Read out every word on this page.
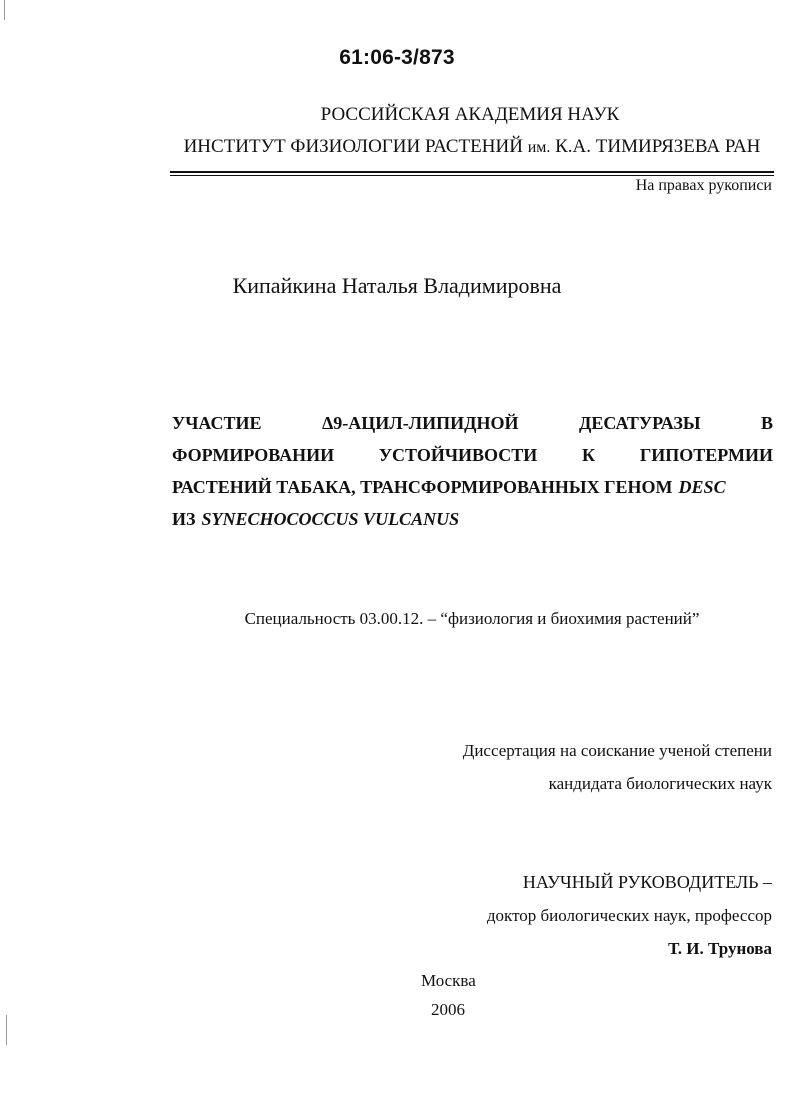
61:06-3/873
РОССИЙСКАЯ АКАДЕМИЯ НАУК
ИНСТИТУТ ФИЗИОЛОГИИ РАСТЕНИЙ им. К.А. ТИМИРЯЗЕВА РАН
На правах рукописи
Кипайкина Наталья Владимировна
УЧАСТИЕ	Δ9-АЦИЛ-ЛИПИДНОЙ	ДЕСАТУРАЗЫ	В
ФОРМИРОВАНИИ УСТОЙЧИВОСТИ К ГИПОТЕРМИИ
РАСТЕНИЙ ТАБАКА, ТРАНСФОРМИРОВАННЫХ ГЕНОМ DESC
ИЗ SYNECHOCOCCUS VULCANUS
Специальность 03.00.12. – “физиология и биохимия растений”
Диссертация на соискание ученой степени
кандидата биологических наук
НАУЧНЫЙ РУКОВОДИТЕЛЬ –
доктор биологических наук, профессор
Т. И. Трунова
Москва
2006
